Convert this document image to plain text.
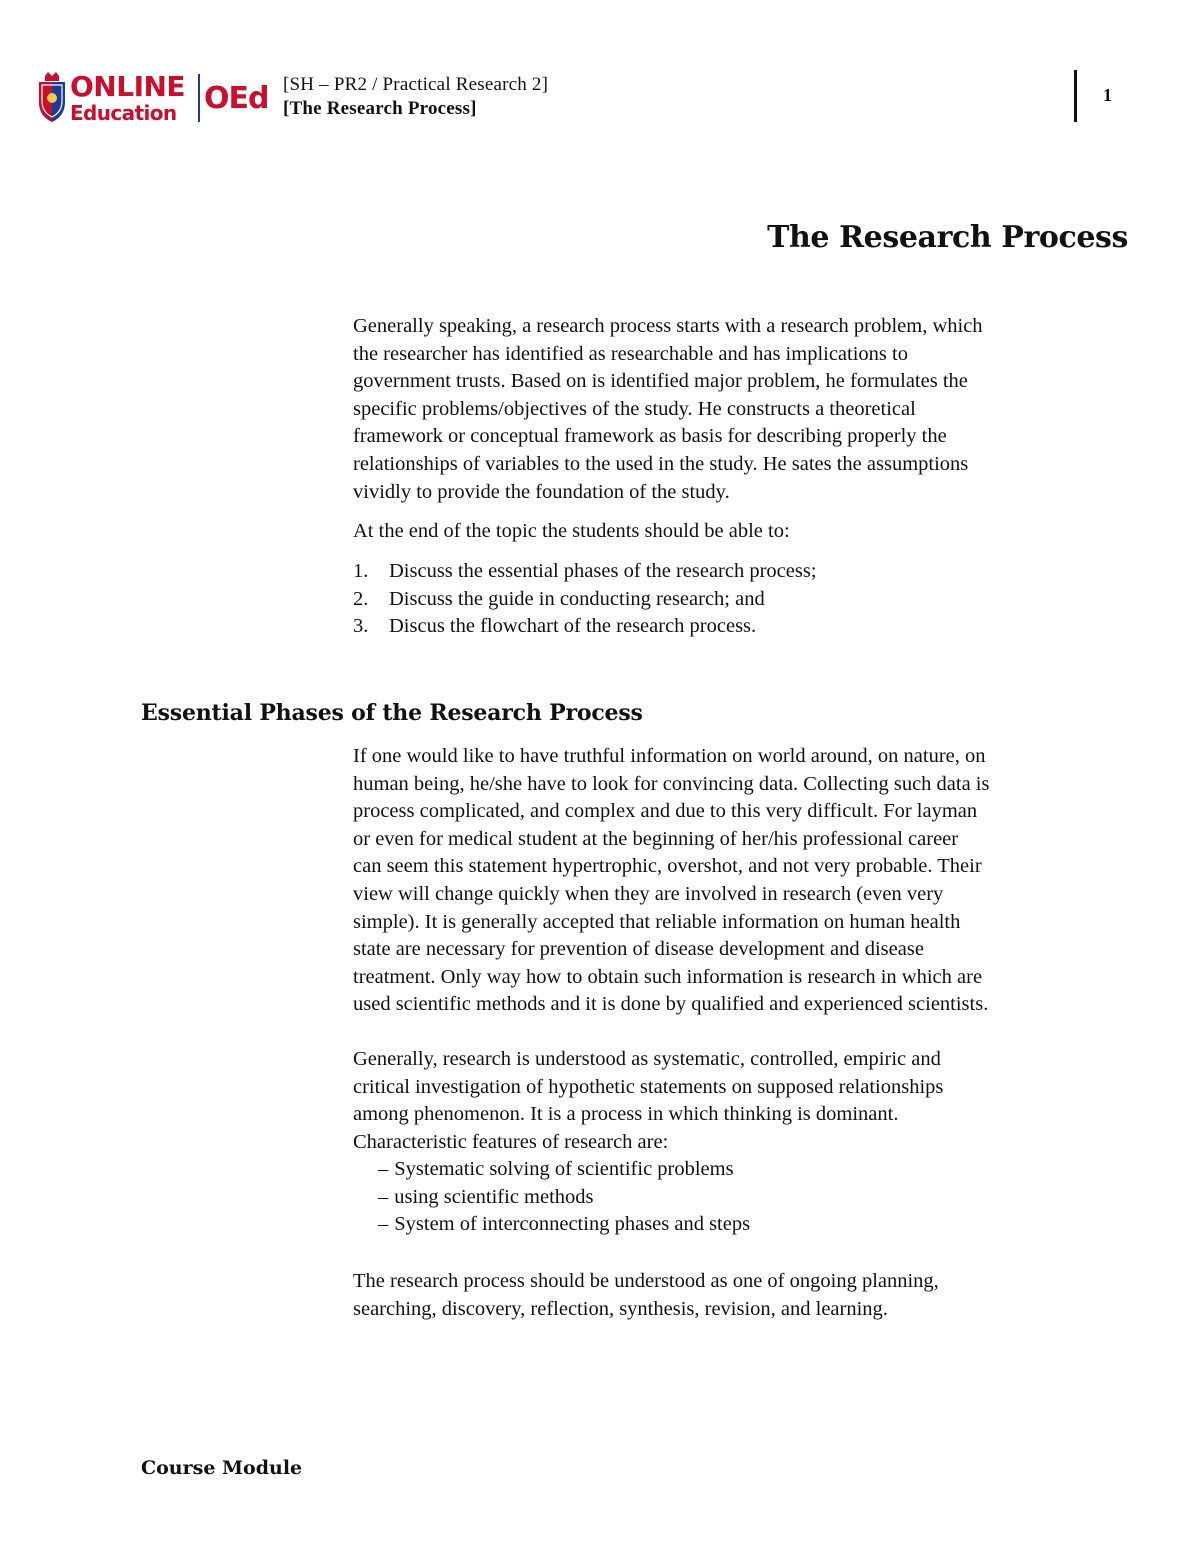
ONLINE
Education OEd [SH – PR2 / Practical Research 2]
[The Research Process]
1
The Research Process
Generally speaking, a research process starts with a research problem, which
the researcher has identified as researchable and has implications to
government trusts. Based on is identified major problem, he formulates the
specific problems/objectives of the study. He constructs a theoretical
framework or conceptual framework as basis for describing properly the
relationships of variables to the used in the study. He sates the assumptions
vividly to provide the foundation of the study.
At the end of the topic the students should be able to:
1.	Discuss the essential phases of the research process;
2.	Discuss the guide in conducting research; and
3.	Discus the flowchart of the research process.
Essential Phases of the Research Process
If one would like to have truthful information on world around, on nature, on
human being, he/she have to look for convincing data. Collecting such data is
process complicated, and complex and due to this very difficult. For layman
or even for medical student at the beginning of her/his professional career
can seem this statement hypertrophic, overshot, and not very probable. Their
view will change quickly when they are involved in research (even very
simple). It is generally accepted that reliable information on human health
state are necessary for prevention of disease development and disease
treatment. Only way how to obtain such information is research in which are
used scientific methods and it is done by qualified and experienced scientists.
Generally, research is understood as systematic, controlled, empiric and
critical investigation of hypothetic statements on supposed relationships
among phenomenon. It is a process in which thinking is dominant.
Characteristic features of research are:
– Systematic solving of scientific problems
– using scientific methods
– System of interconnecting phases and steps
The research process should be understood as one of ongoing planning,
searching, discovery, reflection, synthesis, revision, and learning.
Course Module
